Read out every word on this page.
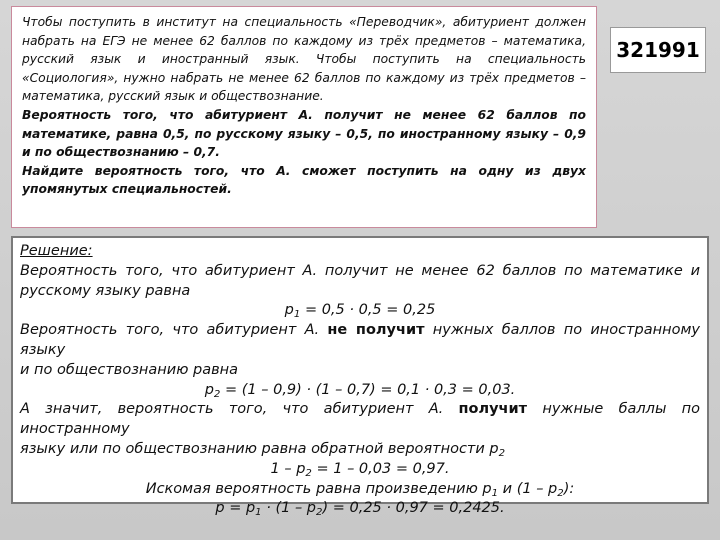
Чтобы поступить в институт на специальность «Переводчик», абитуриент должен набрать на ЕГЭ не менее 62 баллов по каждому из трёх предметов – математика, русский язык и иностранный язык. Чтобы поступить на специальность «Социология», нужно набрать не менее 62 баллов по каждому из трёх предметов – математика, русский язык и обществознание.

Вероятность того, что абитуриент А. получит не менее 62 баллов по математике, равна 0,5, по русскому языку – 0,5, по иностранному языку – 0,9 и по обществознанию – 0,7.

Найдите вероятность того, что А. сможет поступить на одну из двух упомянутых специальностей.

321991
Решение:
Вероятность того, что абитуриент А. получит не менее 62 баллов по математике и
русскому языку равна
$p_1 = 0,5 \cdot 0,5 = 0,25$
Вероятность того, что абитуриент А. не получит нужных баллов по иностранному языку
и по обществознанию равна
$p_2 = (1 - 0,9) \cdot (1 - 0,7) = 0,1 \cdot 0,3 = 0,03$.
А значит, вероятность того, что абитуриент А. получит нужные баллы по иностранному
языку или по обществознанию равна обратной вероятности $p_2$
$1 - p_2 = 1 - 0,03 = 0,97$.
Искомая вероятность равна произведению $p_1$ и $(1 - p_2)$:
$p = p_1 \cdot (1 - p_2) = 0,25 \cdot 0,97 = 0,2425$.
